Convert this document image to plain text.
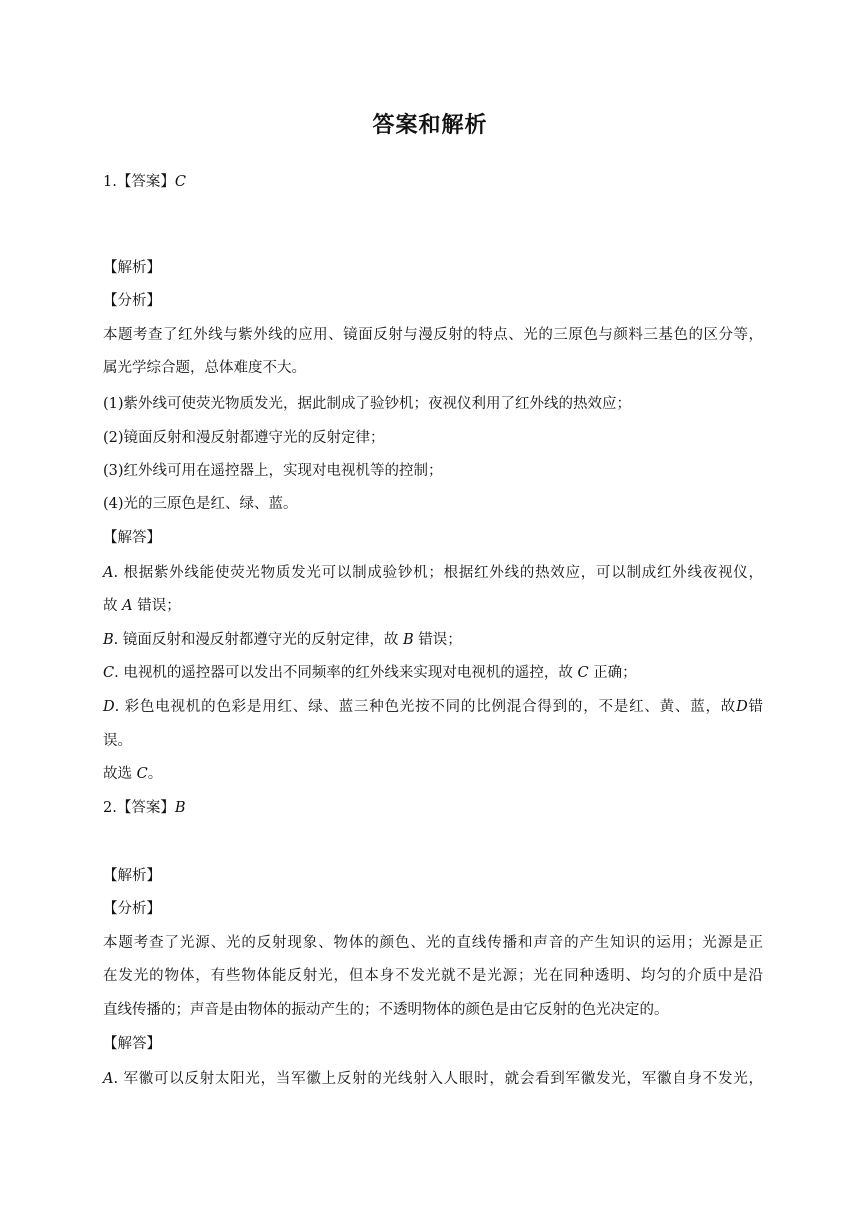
答案和解析
1.【答案】C
【解析】
【分析】
本题考查了红外线与紫外线的应用、镜面反射与漫反射的特点、光的三原色与颜料三基色的区分等，
属光学综合题，总体难度不大。
(1)紫外线可使荧光物质发光，据此制成了验钞机；夜视仪利用了红外线的热效应；
(2)镜面反射和漫反射都遵守光的反射定律；
(3)红外线可用在遥控器上，实现对电视机等的控制；
(4)光的三原色是红、绿、蓝。
【解答】
A. 根据紫外线能使荧光物质发光可以制成验钞机；根据红外线的热效应，可以制成红外线夜视仪，
故 A 错误；
B. 镜面反射和漫反射都遵守光的反射定律，故 B 错误；
C. 电视机的遥控器可以发出不同频率的红外线来实现对电视机的遥控，故 C 正确；
D. 彩色电视机的色彩是用红、绿、蓝三种色光按不同的比例混合得到的，不是红、黄、蓝，故D错
误。
故选 C。
2.【答案】B
【解析】
【分析】
本题考查了光源、光的反射现象、物体的颜色、光的直线传播和声音的产生知识的运用；光源是正
在发光的物体，有些物体能反射光，但本身不发光就不是光源；光在同种透明、均匀的介质中是沿
直线传播的；声音是由物体的振动产生的；不透明物体的颜色是由它反射的色光决定的。
【解答】
A. 军徽可以反射太阳光，当军徽上反射的光线射入人眼时，就会看到军徽发光，军徽自身不发光，
